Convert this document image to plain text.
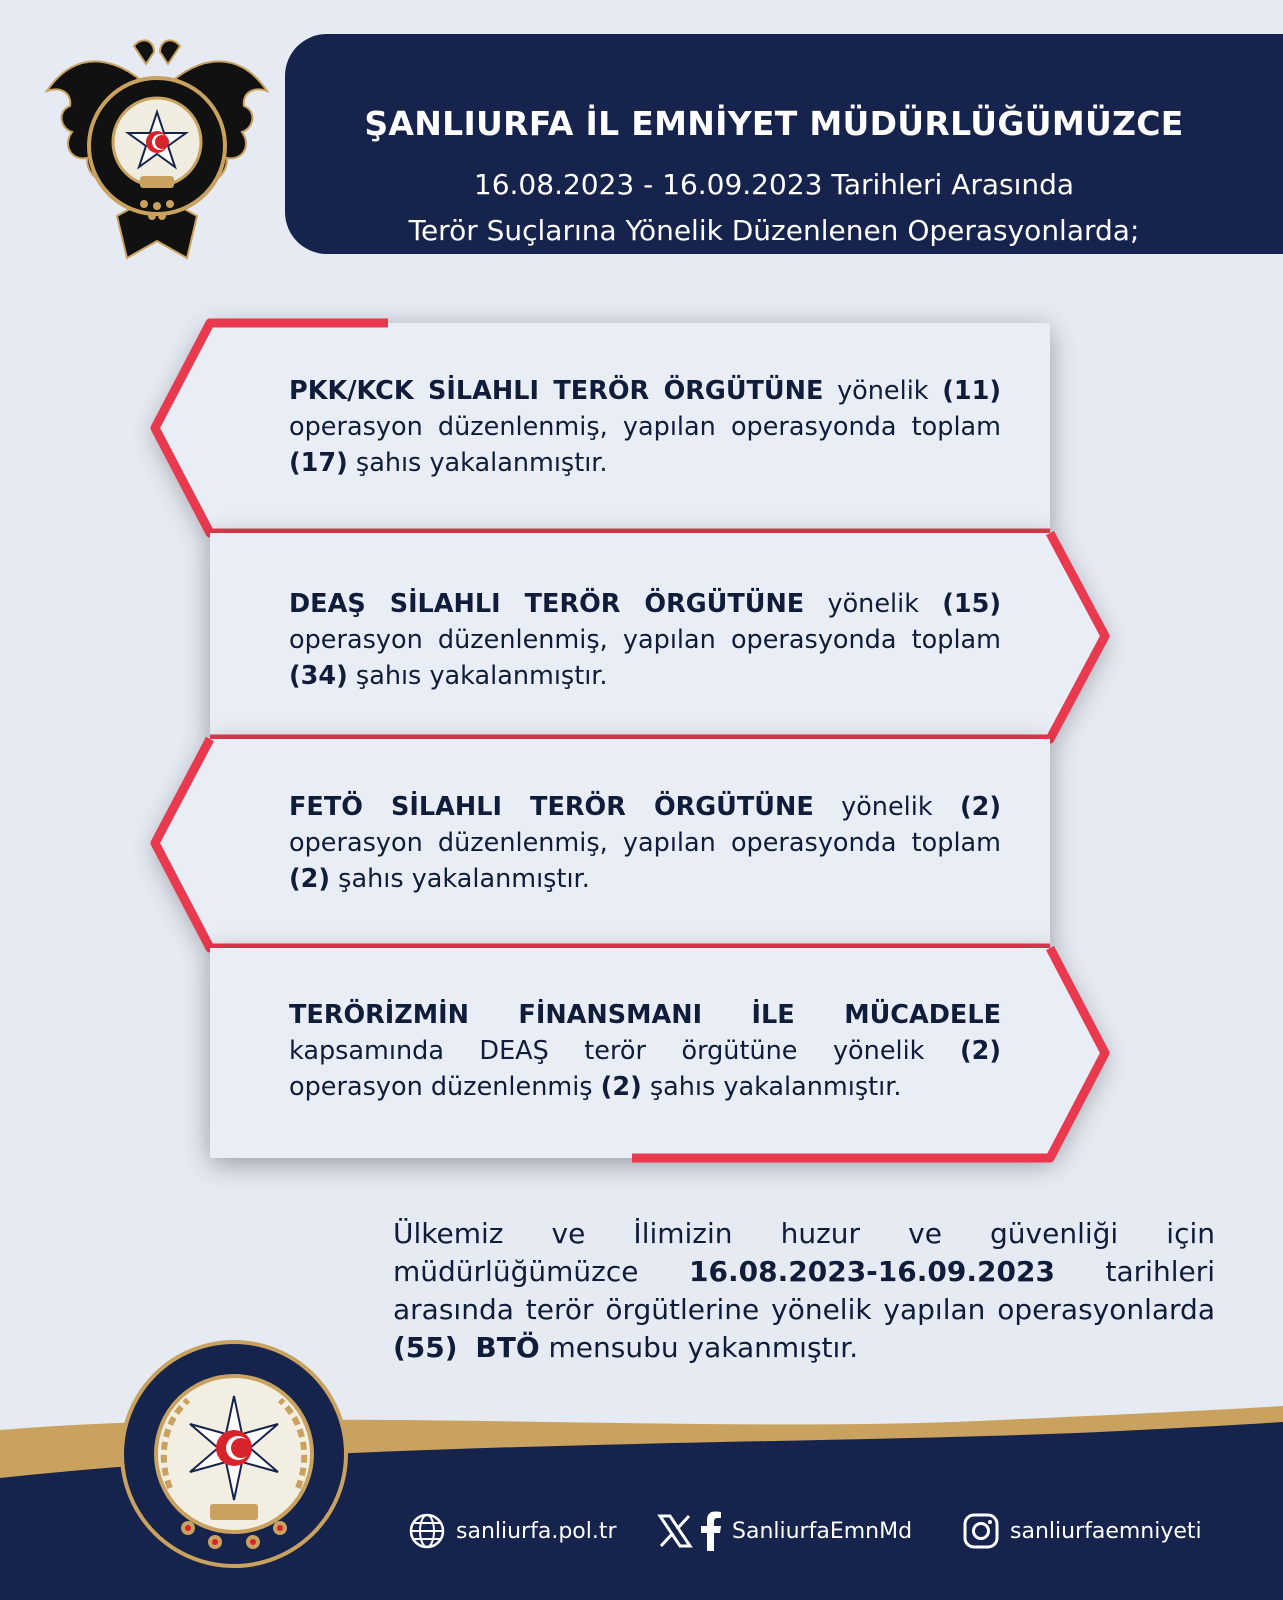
ŞANLIURFA İL EMNİYET MÜDÜRLÜĞÜMÜZCE
16.08.2023 - 16.09.2023 Tarihleri Arasında
Terör Suçlarına Yönelik Düzenlenen Operasyonlarda;
PKK/KCK SİLAHLI TERÖR ÖRGÜTÜNE yönelik (11) operasyon düzenlenmiş, yapılan operasyonda toplam (17) şahıs yakalanmıştır.
DEAŞ SİLAHLI TERÖR ÖRGÜTÜNE yönelik (15) operasyon düzenlenmiş, yapılan operasyonda toplam (34) şahıs yakalanmıştır.
FETÖ SİLAHLI TERÖR ÖRGÜTÜNE yönelik (2) operasyon düzenlenmiş, yapılan operasyonda toplam (2) şahıs yakalanmıştır.
TERÖRİZMİN FİNANSMANI İLE MÜCADELE kapsamında DEAŞ terör örgütüne yönelik (2) operasyon düzenlenmiş (2) şahıs yakalanmıştır.
Ülkemiz ve İlimizin huzur ve güvenliği için müdürlüğümüzce 16.08.2023-16.09.2023 tarihleri arasında terör örgütlerine yönelik yapılan operasyonlarda (55) BTÖ mensubu yakanmıştır.
sanliurfa.pol.tr	SanliurfaEmnMd	sanliurfaemniyeti
